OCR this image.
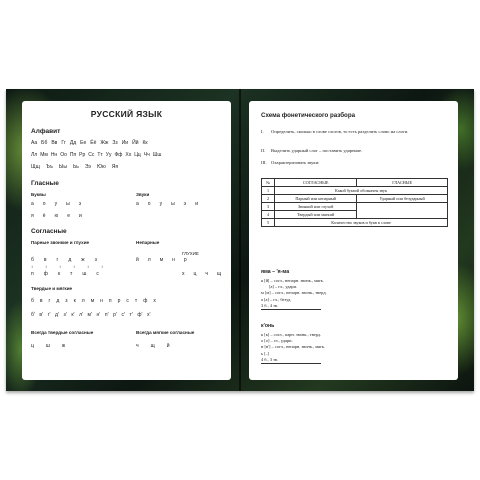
РУССКИЙ ЯЗЫК
Алфавит
Аа Бб Вв Гг Дд Ее Ёё Жж Зз Ии Йй Кк
Лл Мм Нн Оо Пп Рр Сс Тт Уу Фф Хх Цц Чч Шш
Щщ Ъъ Ыы Ьь Ээ Юю Яя
Гласные
Буквы	Звуки
а о у ы э	а о у ы э и
я ё ю е и
Согласные
Парные звонкие и глухие	Непарные
б в г д ж з	й л м н р
↕	↕	↕	↕	↕	↕
ГЛУХИЕ
п ф к т ш с	х ц ч щ
Твердые и мягкие
б в г д з к л м н п р с т ф х
б' в' г' д' з' к' л' м' н' п' р' с' т' ф' х'
Всегда твердые согласные	Всегда мягкие согласные
ц ш ж	ч щ й
Схема фонетического разбора
I. Определить, сколько в слове слогов, то есть разделить слово на слоги.
II. Выделить ударный слог – поставить ударение.
III. Охарактеризовать звуки:
№	СОГЛАСНЫЕ	ГЛАСНЫЕ
1	Какой буквой обозначен звук	
2	Парный или непарный	Ударный или безударный
3	Звонкий или глухой	
4	Твердый или мягкий	
5	Количество звуков и букв в слове	
яма – 'я-ма
я [й] – согл., непарн. звонк., мягк.
[а] – гл., удари.
м [м] – согл., непарн. звонк., тверд.
а [а] – гл., безуд.
3 б., 4 зв.
к'онь
к [к] – согл., парн. звонк., тверд.
о [о] – гл., удари.
н [н'] – согл., непарн. звонк., мягк.
ь [–]
4 б., 3 зв.
